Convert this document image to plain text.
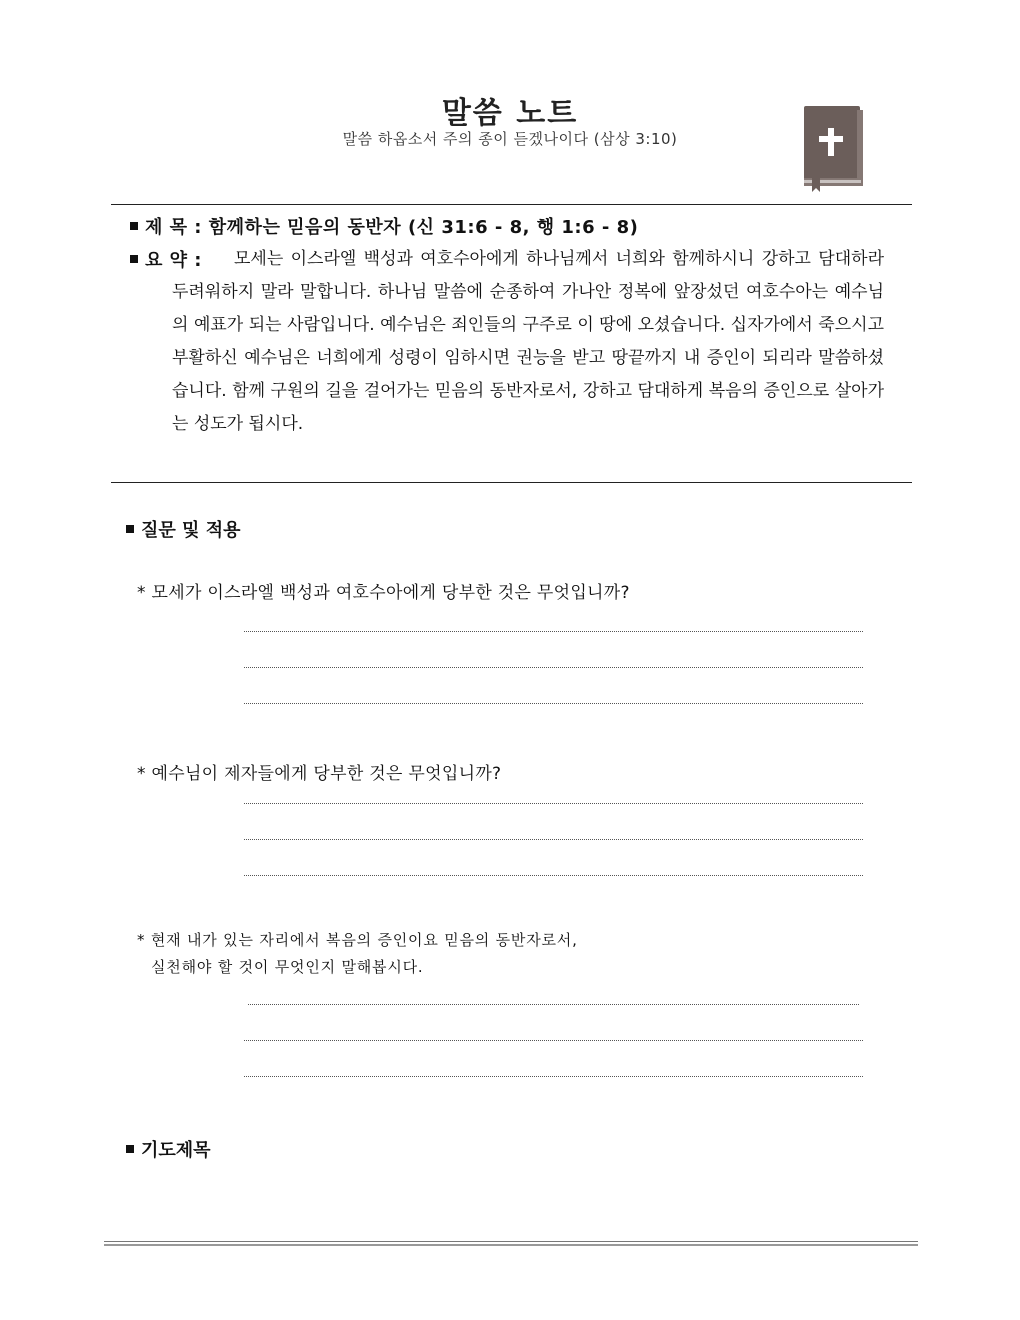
말씀 노트
말씀 하옵소서 주의 종이 듣겠나이다 (삼상 3:10)
제 목 : 함께하는 믿음의 동반자 (신 31:6 - 8, 행 1:6 - 8)
요 약 :	모세는 이스라엘 백성과 여호수아에게 하나님께서 너희와 함께하시니 강하고 담대하라 두려워하지 말라 말합니다. 하나님 말씀에 순종하여 가나안 정복에 앞장섰던 여호수아는 예수님의 예표가 되는 사람입니다. 예수님은 죄인들의 구주로 이 땅에 오셨습니다. 십자가에서 죽으시고 부활하신 예수님은 너희에게 성령이 임하시면 권능을 받고 땅끝까지 내 증인이 되리라 말씀하셨습니다. 함께 구원의 길을 걸어가는 믿음의 동반자로서, 강하고 담대하게 복음의 증인으로 살아가는 성도가 됩시다.
질문 및 적용
* 모세가 이스라엘 백성과 여호수아에게 당부한 것은 무엇입니까?
* 예수님이 제자들에게 당부한 것은 무엇입니까?
* 현재 내가 있는 자리에서 복음의 증인이요 믿음의 동반자로서,
실천해야 할 것이 무엇인지 말해봅시다.
기도제목
